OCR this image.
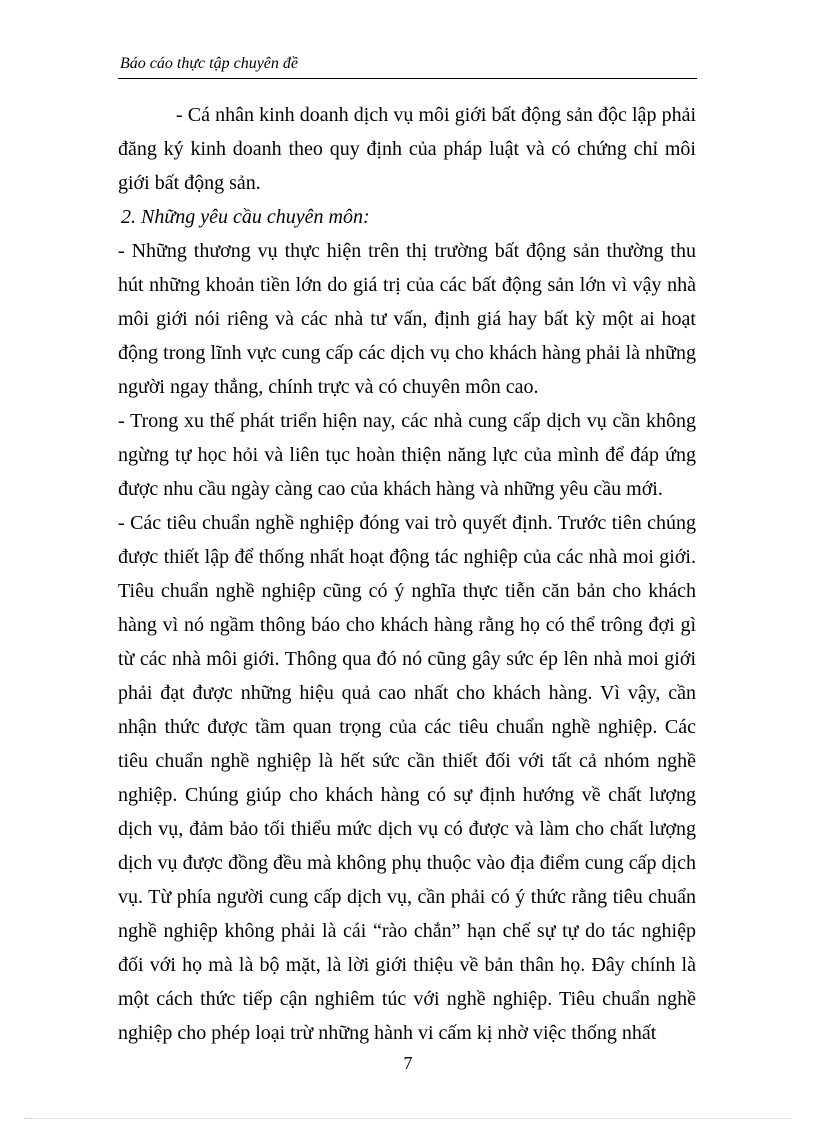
Báo cáo thực tập chuyên đề

- Cá nhân kinh doanh dịch vụ môi giới bất động sản độc lập phải đăng ký kinh doanh theo quy định của pháp luật và có chứng chỉ môi giới bất động sản.

2. Những yêu cầu chuyên môn:

- Những thương vụ thực hiện trên thị trường bất động sản thường thu hút những khoản tiền lớn do giá trị của các bất động sản lớn vì vậy nhà môi giới nói riêng và các nhà tư vấn, định giá hay bất kỳ một ai hoạt động trong lĩnh vực cung cấp các dịch vụ cho khách hàng phải là những người ngay thẳng, chính trực và có chuyên môn cao.

- Trong xu thế phát triển hiện nay, các nhà cung cấp dịch vụ cần không ngừng tự học hỏi và liên tục hoàn thiện năng lực của mình để đáp ứng được nhu cầu ngày càng cao của khách hàng và những yêu cầu mới.

- Các tiêu chuẩn nghề nghiệp đóng vai trò quyết định. Trước tiên chúng được thiết lập để thống nhất hoạt động tác nghiệp của các nhà moi giới. Tiêu chuẩn nghề nghiệp cũng có ý nghĩa thực tiễn căn bản cho khách hàng vì nó ngầm thông báo cho khách hàng rằng họ có thể trông đợi gì từ các nhà môi giới. Thông qua đó nó cũng gây sức ép lên nhà moi giới phải đạt được những hiệu quả cao nhất cho khách hàng. Vì vậy, cần nhận thức được tầm quan trọng của các tiêu chuẩn nghề nghiệp. Các tiêu chuẩn nghề nghiệp là hết sức cần thiết đối với tất cả nhóm nghề nghiệp. Chúng giúp cho khách hàng có sự định hướng về chất lượng dịch vụ, đảm bảo tối thiểu mức dịch vụ có được và làm cho chất lượng dịch vụ được đồng đều mà không phụ thuộc vào địa điểm cung cấp dịch vụ. Từ phía người cung cấp dịch vụ, cần phải có ý thức rằng tiêu chuẩn nghề nghiệp không phải là cái “rào chắn” hạn chế sự tự do tác nghiệp đối với họ mà là bộ mặt, là lời giới thiệu về bản thân họ. Đây chính là một cách thức tiếp cận nghiêm túc với nghề nghiệp. Tiêu chuẩn nghề nghiệp cho phép loại trừ những hành vi cấm kị nhờ việc thống nhất

7
